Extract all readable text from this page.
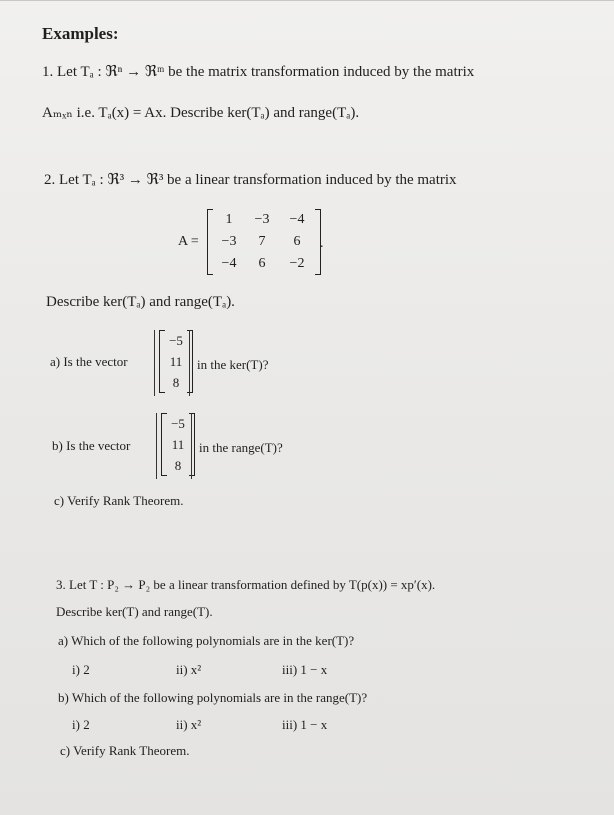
Examples:
1. Let Tₐ : ℜⁿ → ℜᵐ be the matrix transformation induced by the matrix
Aₘₓₙ i.e. Tₐ(x) = Ax. Describe ker(Tₐ) and range(Tₐ).
2. Let Tₐ : ℜ³ → ℜ³ be a linear transformation induced by the matrix
A =
1	−3	−4
−3	7	6
−4	6	−2
.
Describe ker(Tₐ) and range(Tₐ).
a) Is the vector
−5
11
8
in the ker(T)?
b) Is the vector
−5
11
8
in the range(T)?
c) Verify Rank Theorem.
3. Let T : P₂ → P₂ be a linear transformation defined by T(p(x)) = xp′(x).
Describe ker(T) and range(T).
a) Which of the following polynomials are in the ker(T)?
i) 2	ii) x²	iii) 1 − x
b) Which of the following polynomials are in the range(T)?
i) 2	ii) x²	iii) 1 − x
c) Verify Rank Theorem.
